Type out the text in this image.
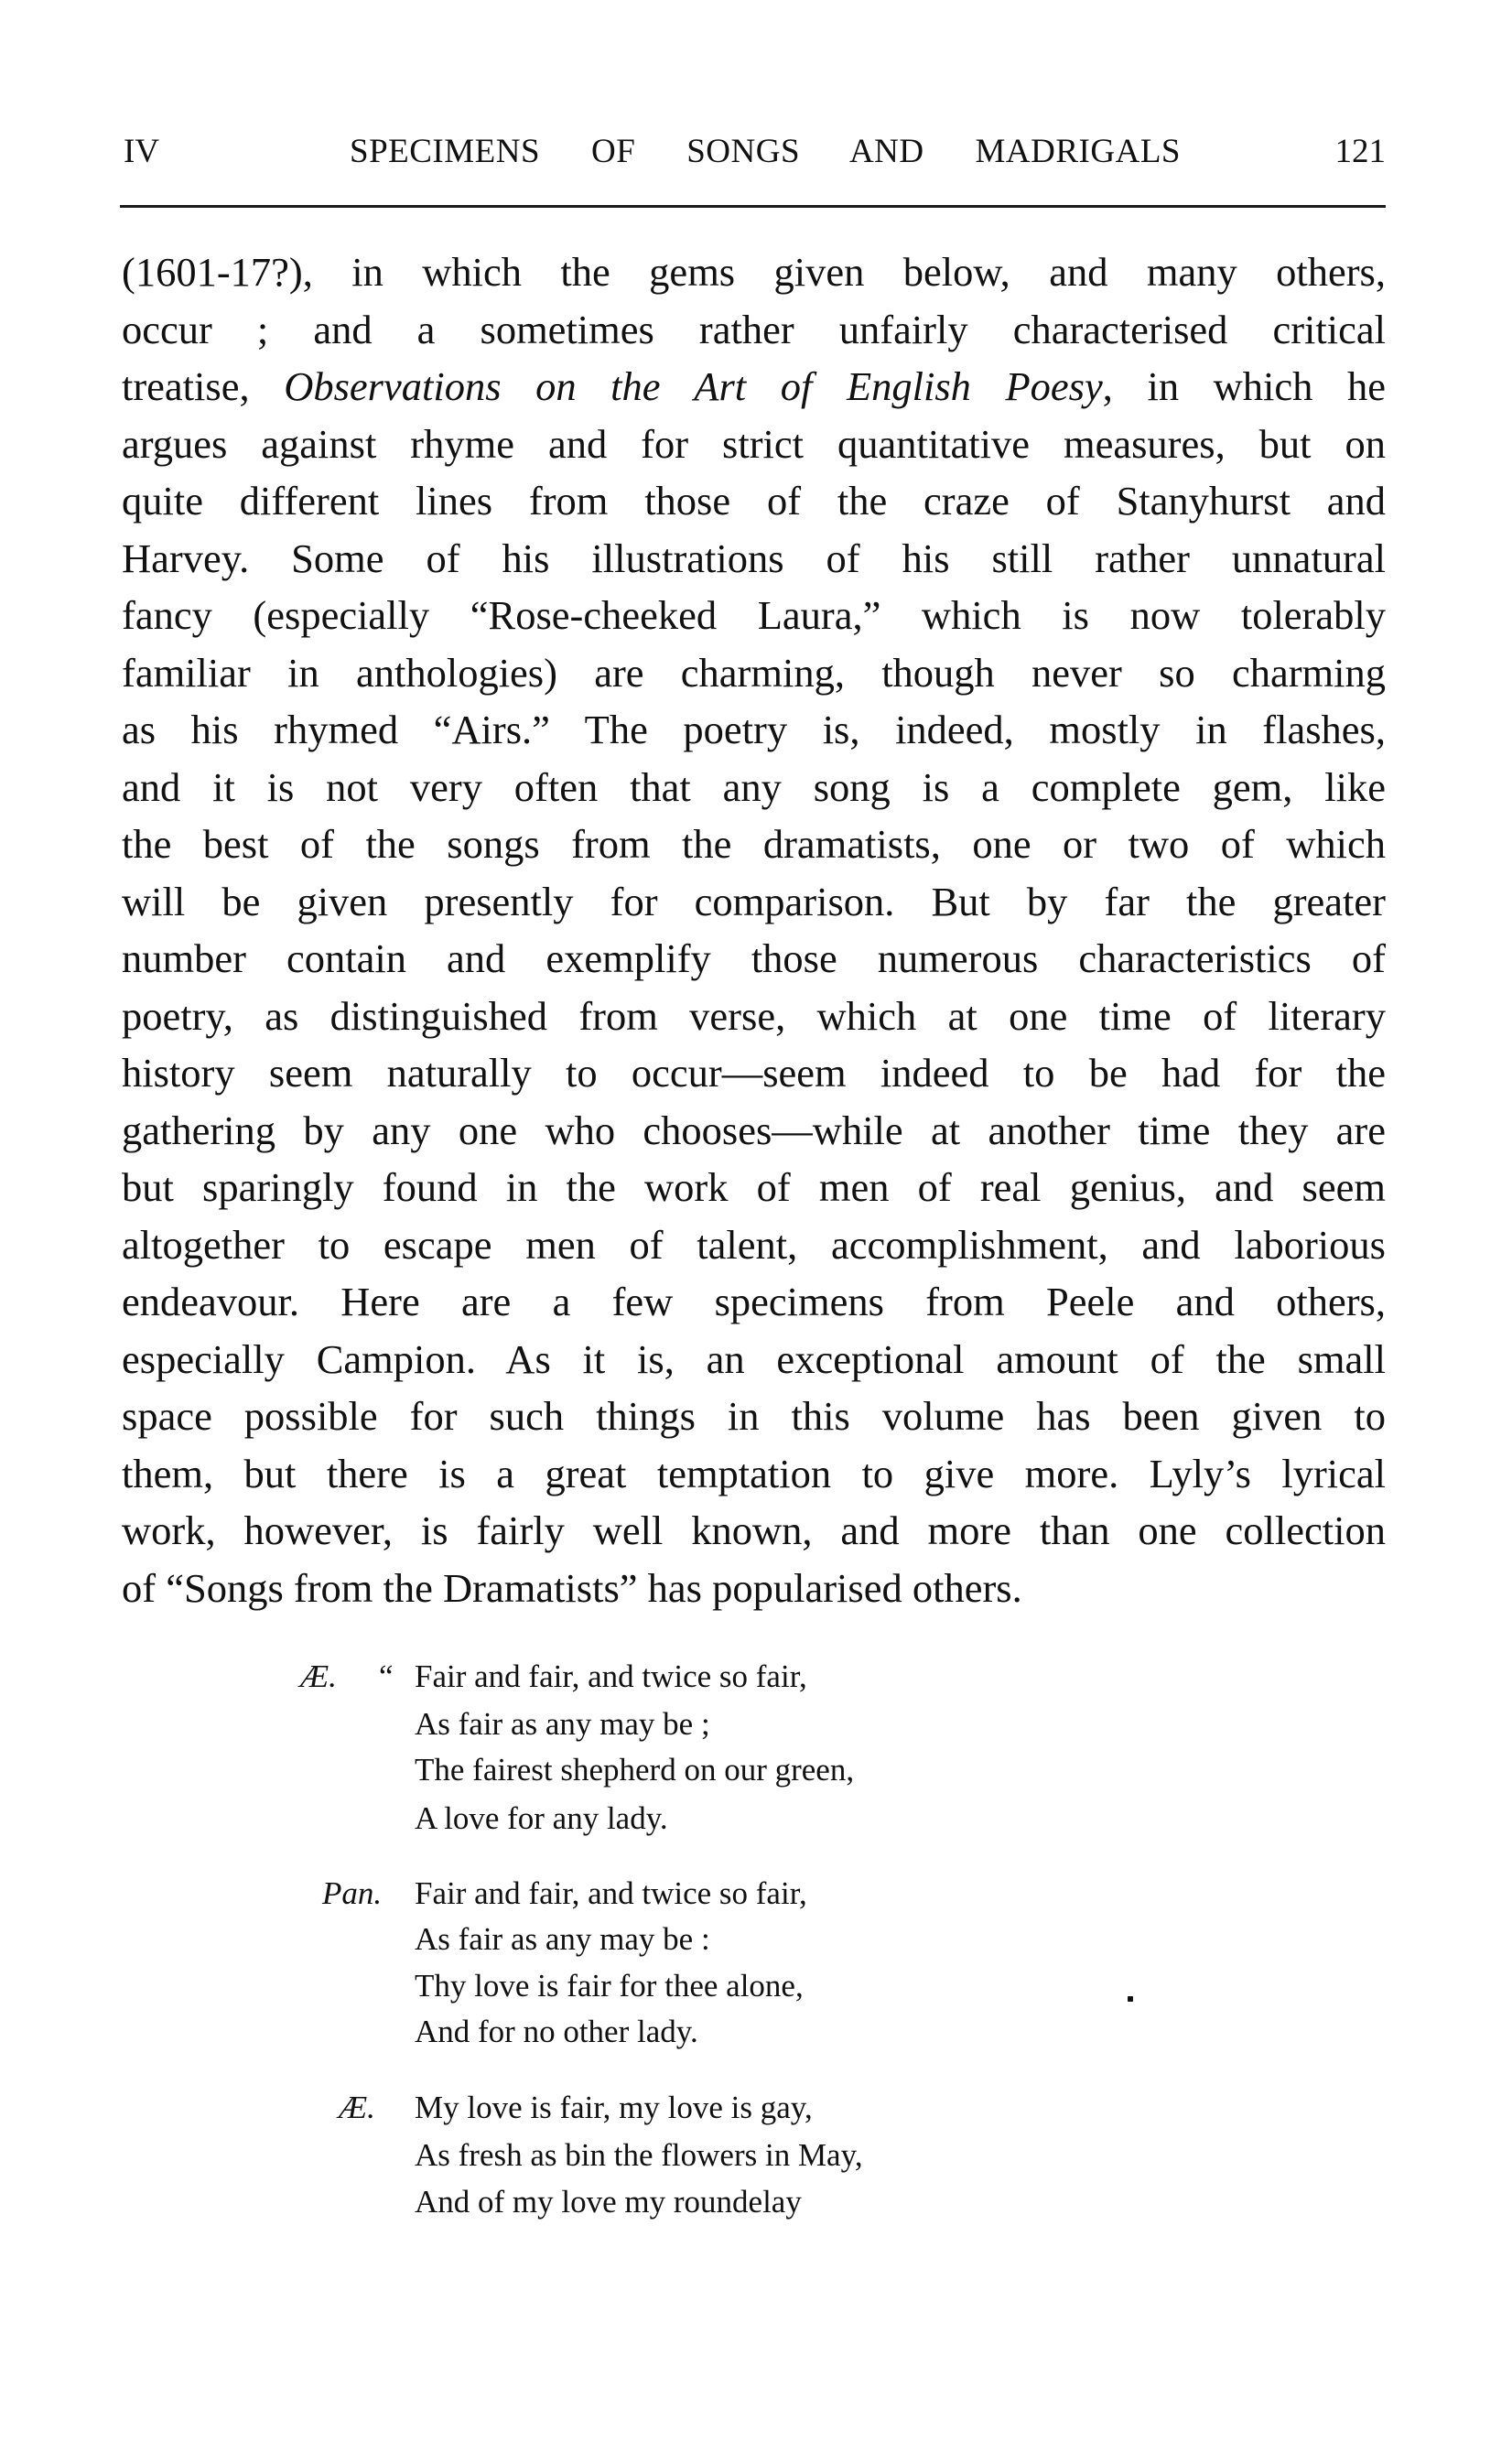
IV	SPECIMENS OF SONGS AND MADRIGALS	121
(1601-17?), in which the gems given below, and many others,
occur ; and a sometimes rather unfairly characterised critical
treatise, Observations on the Art of English Poesy, in which he
argues against rhyme and for strict quantitative measures, but on
quite different lines from those of the craze of Stanyhurst and
Harvey. Some of his illustrations of his still rather unnatural
fancy (especially “Rose-cheeked Laura,” which is now tolerably
familiar in anthologies) are charming, though never so charming
as his rhymed “Airs.” The poetry is, indeed, mostly in flashes,
and it is not very often that any song is a complete gem, like
the best of the songs from the dramatists, one or two of which
will be given presently for comparison. But by far the greater
number contain and exemplify those numerous characteristics of
poetry, as distinguished from verse, which at one time of literary
history seem naturally to occur—seem indeed to be had for the
gathering by any one who chooses—while at another time they are
but sparingly found in the work of men of real genius, and seem
altogether to escape men of talent, accomplishment, and laborious
endeavour. Here are a few specimens from Peele and others,
especially Campion. As it is, an exceptional amount of the small
space possible for such things in this volume has been given to
them, but there is a great temptation to give more. Lyly’s lyrical
work, however, is fairly well known, and more than one collection
of “Songs from the Dramatists” has popularised others.
Æ. “ Fair and fair, and twice so fair,
As fair as any may be ;
The fairest shepherd on our green,
A love for any lady.
Pan. Fair and fair, and twice so fair,
As fair as any may be :
Thy love is fair for thee alone,
And for no other lady.
Æ. My love is fair, my love is gay,
As fresh as bin the flowers in May,
And of my love my roundelay
